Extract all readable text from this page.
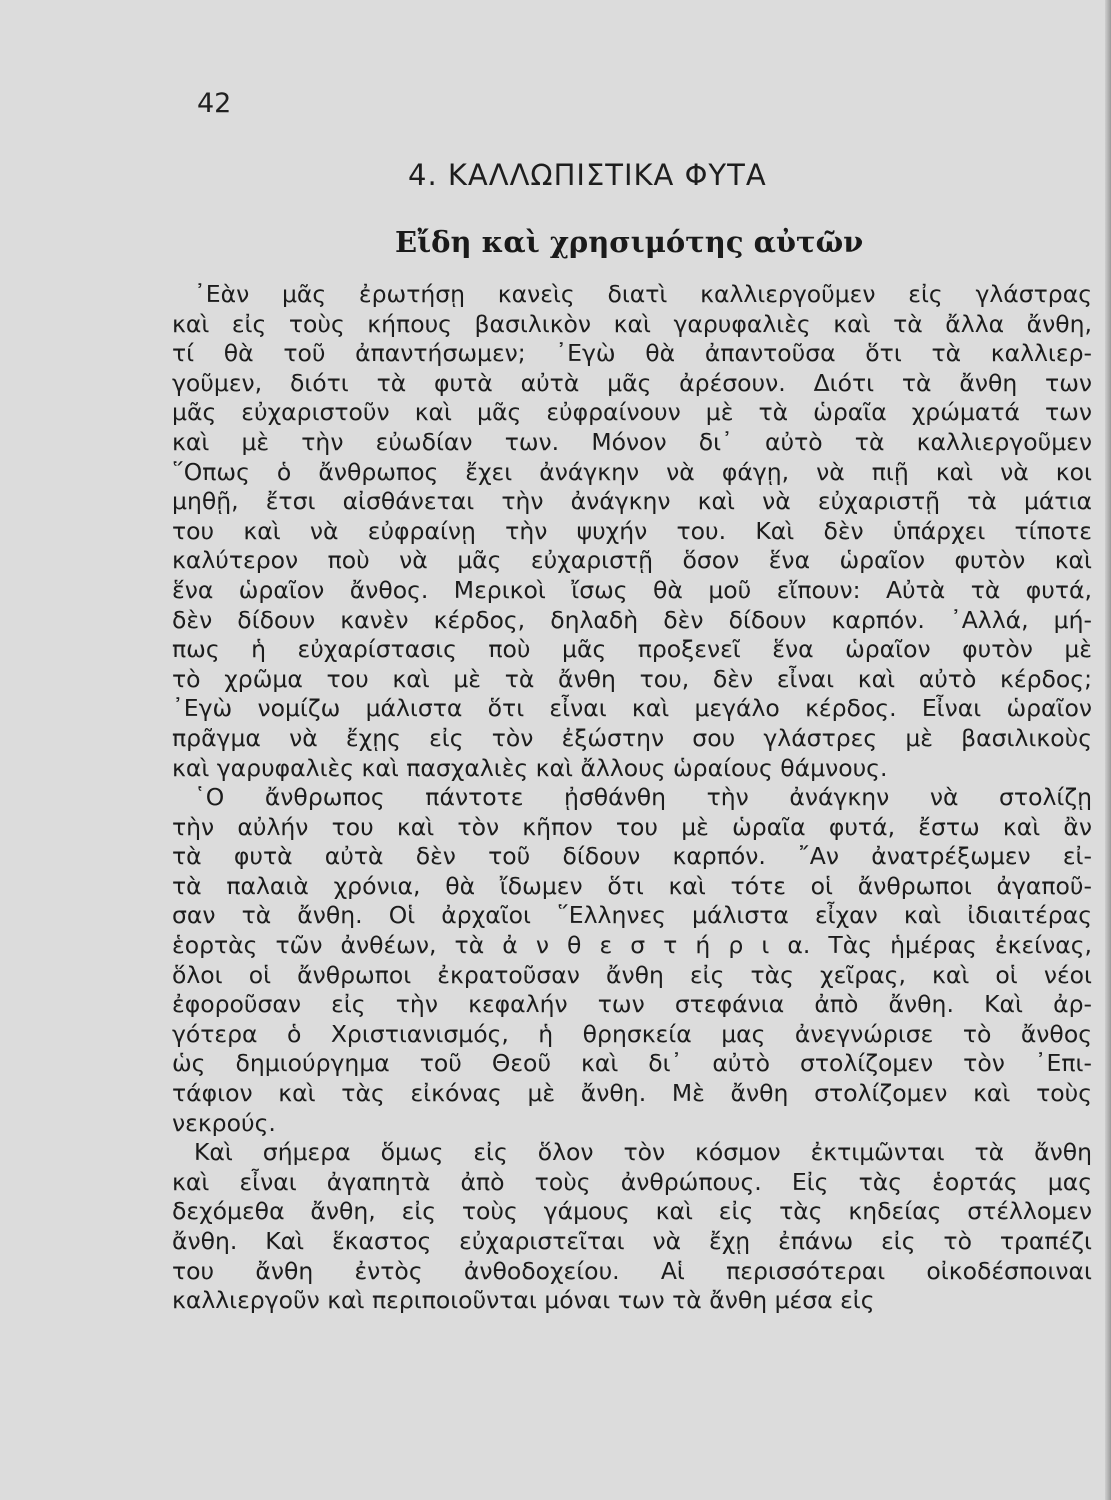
42
4. ΚΑΛΛΩΠΙΣΤΙΚΑ ΦΥΤΑ
Εἴδη καὶ χρησιμότης αὐτῶν
᾿Εὰν μᾶς ἐρωτήσῃ κανεὶς διατὶ καλλιεργοῦμεν εἰς γλάστρας
καὶ εἰς τοὺς κήπους βασιλικὸν καὶ γαρυφαλιὲς καὶ τὰ ἄλλα ἄνθη,
τί θὰ τοῦ ἀπαντήσωμεν; ᾿Εγὼ θὰ ἀπαντοῦσα ὅτι τὰ καλλιερ-
γοῦμεν, διότι τὰ φυτὰ αὐτὰ μᾶς ἀρέσουν. Διότι τὰ ἄνθη των
μᾶς εὐχαριστοῦν καὶ μᾶς εὐφραίνουν μὲ τὰ ὡραῖα χρώματά των
καὶ μὲ τὴν εὐωδίαν των. Μόνον δι᾿ αὐτὸ τὰ καλλιεργοῦμεν
῞Οπως ὁ ἄνθρωπος ἔχει ἀνάγκην νὰ φάγῃ, νὰ πιῇ καὶ νὰ κοι
μηθῇ, ἔτσι αἰσθάνεται τὴν ἀνάγκην καὶ νὰ εὐχαριστῇ τὰ μάτια
του καὶ νὰ εὐφραίνῃ τὴν ψυχήν του. Καὶ δὲν ὑπάρχει τίποτε
καλύτερον ποὺ νὰ μᾶς εὐχαριστῇ ὅσον ἕνα ὡραῖον φυτὸν καὶ
ἕνα ὡραῖον ἄνθος. Μερικοὶ ἴσως θὰ μοῦ εἴπουν: Αὐτὰ τὰ φυτά,
δὲν δίδουν κανὲν κέρδος, δηλαδὴ δὲν δίδουν καρπόν. ᾿Αλλά, μή-
πως ἡ εὐχαρίστασις ποὺ μᾶς προξενεῖ ἕνα ὡραῖον φυτὸν μὲ
τὸ χρῶμα του καὶ μὲ τὰ ἄνθη του, δὲν εἶναι καὶ αὐτὸ κέρδος;
᾿Εγὼ νομίζω μάλιστα ὅτι εἶναι καὶ μεγάλο κέρδος. Εἶναι ὡραῖον
πρᾶγμα νὰ ἔχῃς εἰς τὸν ἐξώστην σου γλάστρες μὲ βασιλικοὺς
καὶ γαρυφαλιὲς καὶ πασχαλιὲς καὶ ἄλλους ὡραίους θάμνους.
῾Ο ἄνθρωπος πάντοτε ᾐσθάνθη τὴν ἀνάγκην νὰ στολίζῃ
τὴν αὐλήν του καὶ τὸν κῆπον του μὲ ὡραῖα φυτά, ἔστω καὶ ἂν
τὰ φυτὰ αὐτὰ δὲν τοῦ δίδουν καρπόν. ῎Αν ἀνατρέξωμεν εἰ-
τὰ παλαιὰ χρόνια, θὰ ἴδωμεν ὅτι καὶ τότε οἱ ἄνθρωποι ἀγαποῦ-
σαν τὰ ἄνθη. Οἱ ἀρχαῖοι ῞Ελληνες μάλιστα εἶχαν καὶ ἰδιαιτέρας
ἑορτὰς τῶν ἀνθέων, τὰ ἀ ν θ ε σ τ ή ρ ι α. Τὰς ἡμέρας ἐκείνας,
ὅλοι οἱ ἄνθρωποι ἐκρατοῦσαν ἄνθη εἰς τὰς χεῖρας, καὶ οἱ νέοι
ἐφοροῦσαν εἰς τὴν κεφαλήν των στεφάνια ἀπὸ ἄνθη. Καὶ ἀρ-
γότερα ὁ Χριστιανισμός, ἡ θρησκεία μας ἀνεγνώρισε τὸ ἄνθος
ὡς δημιούργημα τοῦ Θεοῦ καὶ δι᾿ αὐτὸ στολίζομεν τὸν ᾿Επι-
τάφιον καὶ τὰς εἰκόνας μὲ ἄνθη. Μὲ ἄνθη στολίζομεν καὶ τοὺς
νεκρούς.
Καὶ σήμερα ὅμως εἰς ὅλον τὸν κόσμον ἐκτιμῶνται τὰ ἄνθη
καὶ εἶναι ἀγαπητὰ ἀπὸ τοὺς ἀνθρώπους. Εἰς τὰς ἑορτάς μας
δεχόμεθα ἄνθη, εἰς τοὺς γάμους καὶ εἰς τὰς κηδείας στέλλομεν
ἄνθη. Καὶ ἕκαστος εὐχαριστεῖται νὰ ἔχῃ ἐπάνω εἰς τὸ τραπέζι
του ἄνθη ἐντὸς ἀνθοδοχείου. Αἱ περισσότεραι οἰκοδέσποιναι
καλλιεργοῦν καὶ περιποιοῦνται μόναι των τὰ ἄνθη μέσα εἰς
